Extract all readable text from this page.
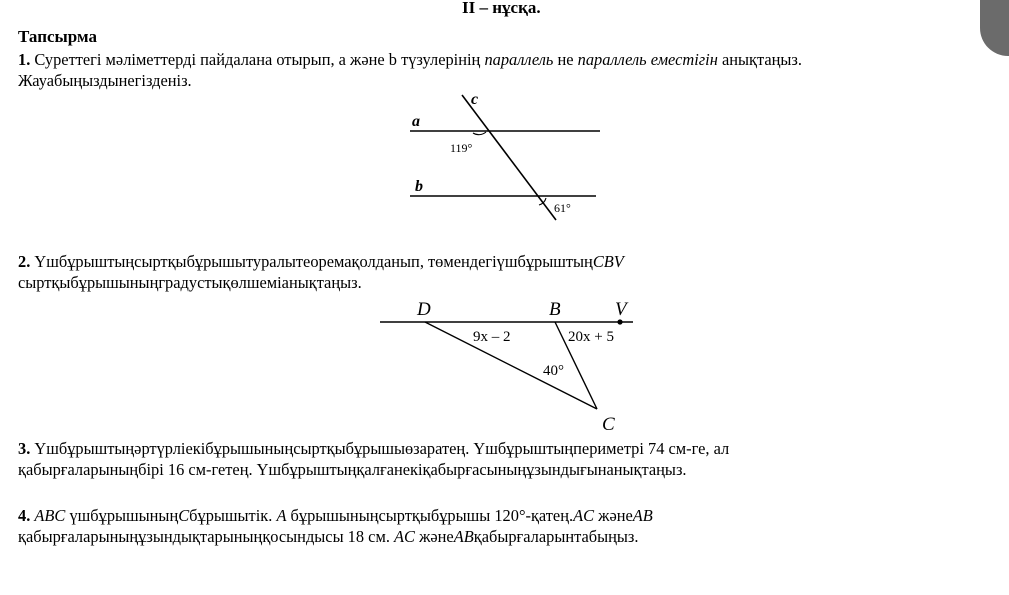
ІІ – нұсқа.
Тапсырма
1. Суреттегі мәліметтерді пайдалана отырып, a және b түзулерінің параллель не параллель еместігін анықтаңыз.
Жауабыңыздынегізденіз.
a
b
c
119°
61°
2. Үшбұрыштыңсыртқыбұрышытуралытеоремақолданып, төмендегіүшбұрыштыңCBV
сыртқыбұрышыныңградустықөлшеміанықтаңыз.
D	B	V
C
9x – 2	20x + 5
40°
3. Үшбұрыштыңәртүрліекібұрышыныңсыртқыбұрышыөзаратең. Үшбұрыштыңпериметрі 74 см-ге, ал
қабырғаларыныңбірі 16 см-гетең. Үшбұрыштыңқалғанекіқабырғасыныңұзындығынанықтаңыз.
4. ABC үшбұрышыныңCбұрышытік. A бұрышыныңсыртқыбұрышы 120°-қатең.AC жәнеAB
қабырғаларыныңұзындықтарыныңқосындысы 18 см. AC жәнеABқабырғаларынтабыңыз.
